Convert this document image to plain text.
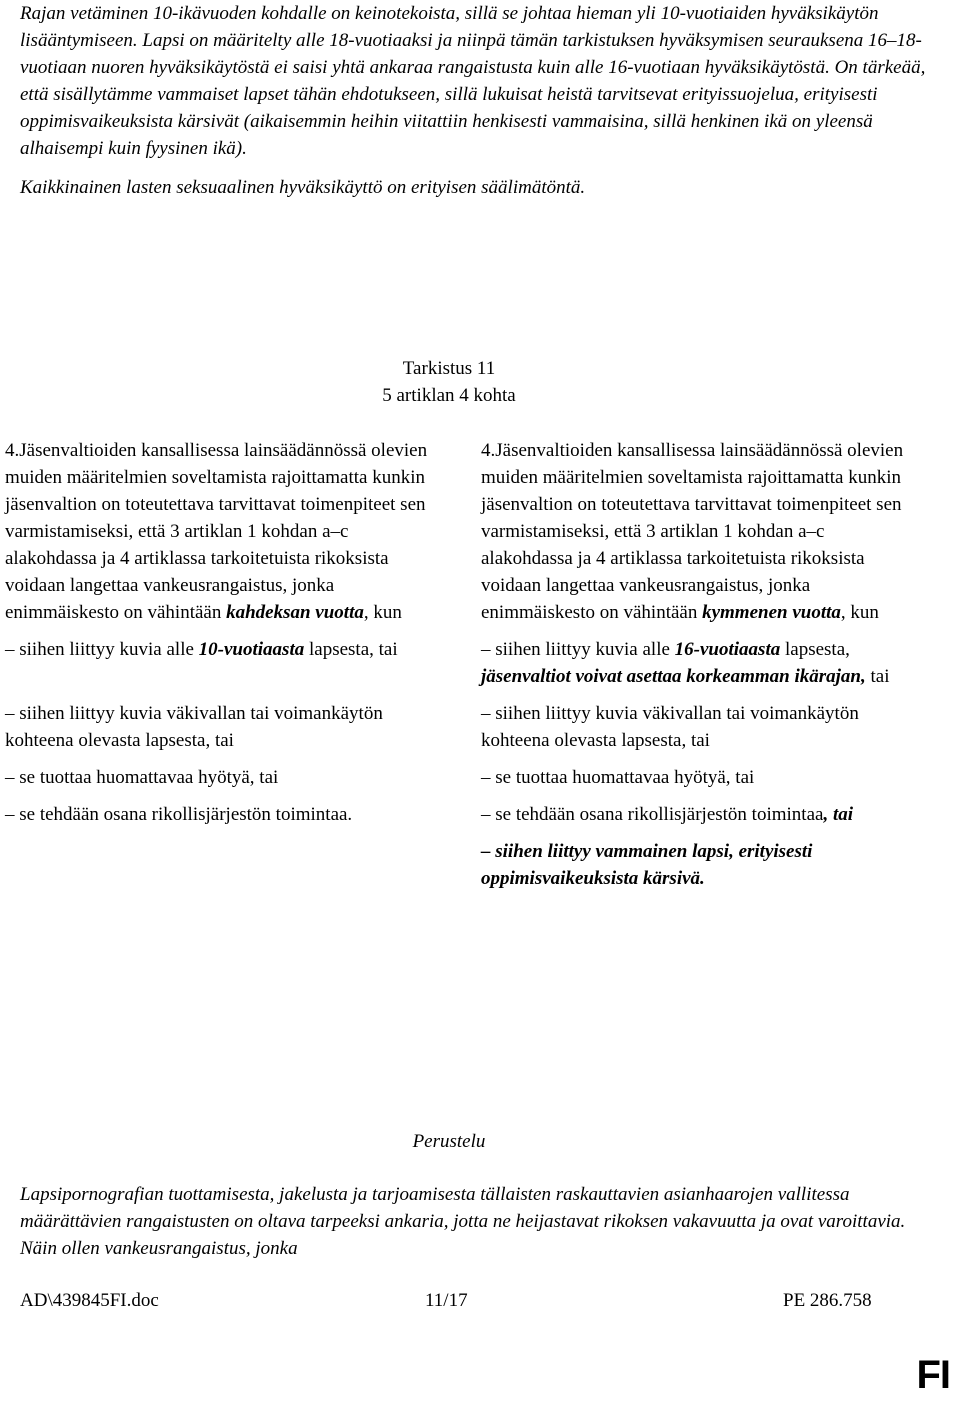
Rajan vetäminen 10-ikävuoden kohdalle on keinotekoista, sillä se johtaa hieman yli 10-vuotiaiden hyväksikäytön lisääntymiseen. Lapsi on määritelty alle 18-vuotiaaksi ja niinpä tämän tarkistuksen hyväksymisen seurauksena 16–18-vuotiaan nuoren hyväksikäytöstä ei saisi yhtä ankaraa rangaistusta kuin alle 16-vuotiaan hyväksikäytöstä. On tärkeää, että sisällytämme vammaiset lapset tähän ehdotukseen, sillä lukuisat heistä tarvitsevat erityissuojelua, erityisesti oppimisvaikeuksista kärsivät (aikaisemmin heihin viitattiin henkisesti vammaisina, sillä henkinen ikä on yleensä alhaisempi kuin fyysinen ikä).

Kaikkinainen lasten seksuaalinen hyväksikäyttö on erityisen säälimätöntä.

Tarkistus 11
5 artiklan 4 kohta

4.Jäsenvaltioiden kansallisessa lainsäädännössä olevien muiden määritelmien soveltamista rajoittamatta kunkin jäsenvaltion on toteutettava tarvittavat toimenpiteet sen varmistamiseksi, että 3 artiklan 1 kohdan a–c alakohdassa ja 4 artiklassa tarkoitetuista rikoksista voidaan langettaa vankeusrangaistus, jonka enimmäiskesto on vähintään kahdeksan vuotta, kun

– siihen liittyy kuvia alle 10-vuotiaasta lapsesta, tai

– siihen liittyy kuvia väkivallan tai voimankäytön kohteena olevasta lapsesta, tai

– se tuottaa huomattavaa hyötyä, tai

– se tehdään osana rikollisjärjestön toimintaa.

4.Jäsenvaltioiden kansallisessa lainsäädännössä olevien muiden määritelmien soveltamista rajoittamatta kunkin jäsenvaltion on toteutettava tarvittavat toimenpiteet sen varmistamiseksi, että 3 artiklan 1 kohdan a–c alakohdassa ja 4 artiklassa tarkoitetuista rikoksista voidaan langettaa vankeusrangaistus, jonka enimmäiskesto on vähintään kymmenen vuotta, kun

– siihen liittyy kuvia alle 16-vuotiaasta lapsesta, jäsenvaltiot voivat asettaa korkeamman ikärajan, tai

– siihen liittyy kuvia väkivallan tai voimankäytön kohteena olevasta lapsesta, tai

– se tuottaa huomattavaa hyötyä, tai

– se tehdään osana rikollisjärjestön toimintaa, tai

– siihen liittyy vammainen lapsi, erityisesti oppimisvaikeuksista kärsivä.

Perustelu

Lapsipornografian tuottamisesta, jakelusta ja tarjoamisesta tällaisten raskauttavien asianhaarojen vallitessa määrättävien rangaistusten on oltava tarpeeksi ankaria, jotta ne heijastavat rikoksen vakavuutta ja ovat varoittavia. Näin ollen vankeusrangaistus, jonka

AD\439845FI.doc	11/17	PE 286.758
FI
